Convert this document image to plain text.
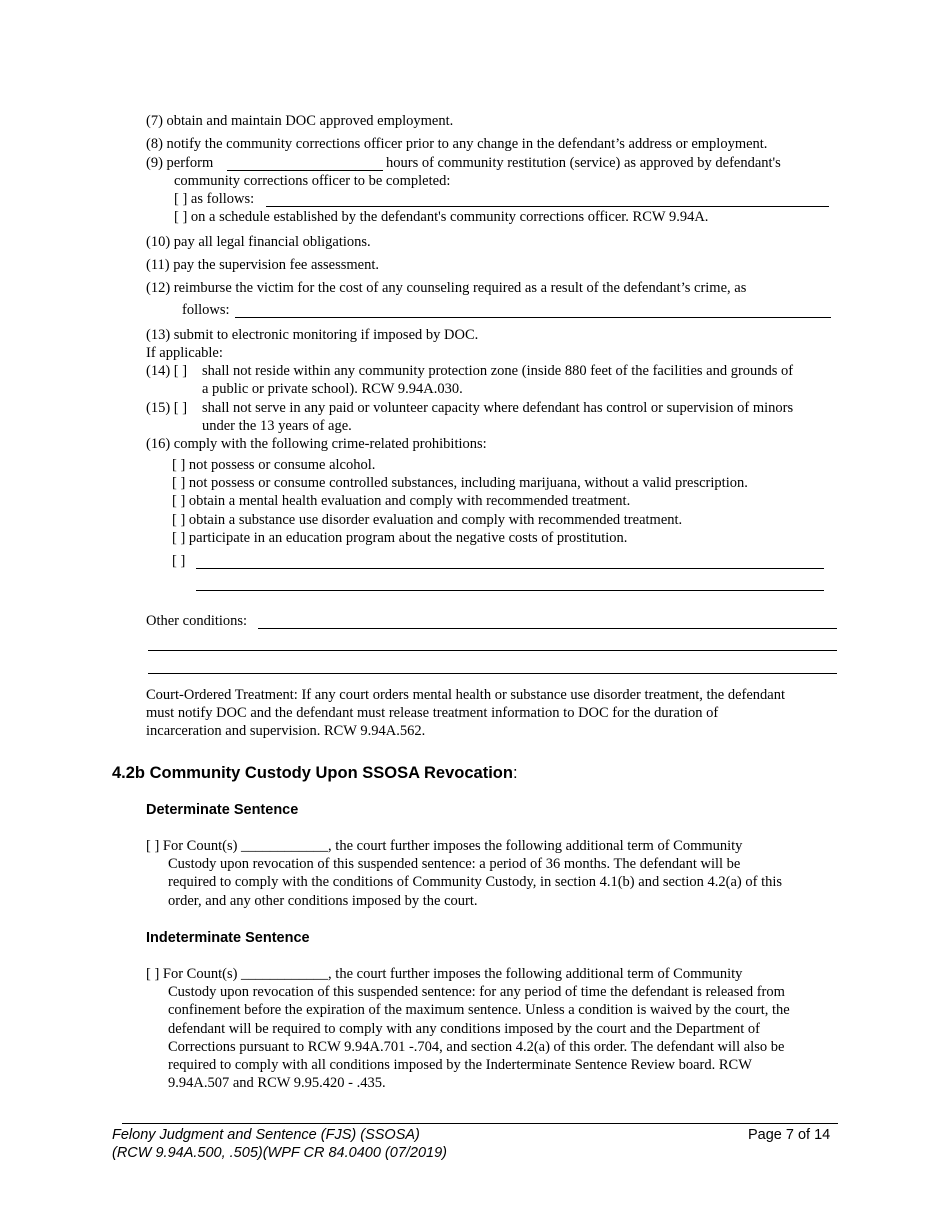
(7) obtain and maintain DOC approved employment.
(8) notify the community corrections officer prior to any change in the defendant’s address or employment.
(9) perform	hours of community restitution (service) as approved by defendant's
community corrections officer to be completed:
[ ] as follows:
[ ] on a schedule established by the defendant's community corrections officer. RCW 9.94A.
(10) pay all legal financial obligations.
(11) pay the supervision fee assessment.
(12) reimburse the victim for the cost of any counseling required as a result of the defendant’s crime, as
follows:
(13) submit to electronic monitoring if imposed by DOC.
If applicable:
(14) [ ] shall not reside within any community protection zone (inside 880 feet of the facilities and grounds of
a public or private school). RCW 9.94A.030.
(15) [ ] shall not serve in any paid or volunteer capacity where defendant has control or supervision of minors
under the 13 years of age.
(16) comply with the following crime-related prohibitions:
[ ] not possess or consume alcohol.
[ ] not possess or consume controlled substances, including marijuana, without a valid prescription.
[ ] obtain a mental health evaluation and comply with recommended treatment.
[ ] obtain a substance use disorder evaluation and comply with recommended treatment.
[ ] participate in an education program about the negative costs of prostitution.
[ ]
Other conditions:
Court-Ordered Treatment: If any court orders mental health or substance use disorder treatment, the defendant
must notify DOC and the defendant must release treatment information to DOC for the duration of
incarceration and supervision. RCW 9.94A.562.
4.2b Community Custody Upon SSOSA Revocation:
Determinate Sentence
[ ] For Count(s) ____________, the court further imposes the following additional term of Community
Custody upon revocation of this suspended sentence: a period of 36 months. The defendant will be
required to comply with the conditions of Community Custody, in section 4.1(b) and section 4.2(a) of this
order, and any other conditions imposed by the court.
Indeterminate Sentence
[ ] For Count(s) ____________, the court further imposes the following additional term of Community
Custody upon revocation of this suspended sentence: for any period of time the defendant is released from
confinement before the expiration of the maximum sentence. Unless a condition is waived by the court, the
defendant will be required to comply with any conditions imposed by the court and the Department of
Corrections pursuant to RCW 9.94A.701 -.704, and section 4.2(a) of this order. The defendant will also be
required to comply with all conditions imposed by the Inderterminate Sentence Review board. RCW
9.94A.507 and RCW 9.95.420 - .435.
Felony Judgment and Sentence (FJS) (SSOSA)
(RCW 9.94A.500, .505)(WPF CR 84.0400 (07/2019)
Page 7 of 14
